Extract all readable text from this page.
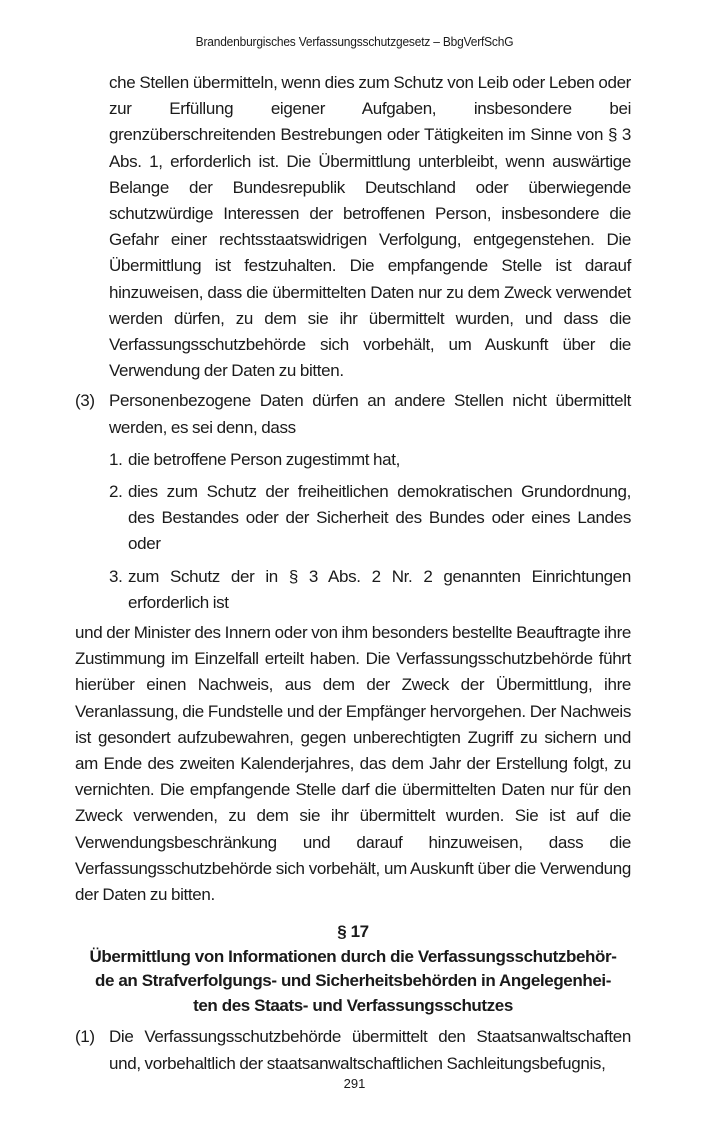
Brandenburgisches Verfassungsschutzgesetz – BbgVerfSchG
che Stellen übermitteln, wenn dies zum Schutz von Leib oder Leben oder zur Erfüllung eigener Aufgaben, insbesondere bei grenzüberschreitenden Bestrebungen oder Tätigkeiten im Sinne von § 3 Abs. 1, erforderlich ist. Die Übermittlung unterbleibt, wenn auswärtige Belange der Bundesrepublik Deutschland oder überwiegende schutzwürdige Interessen der betroffenen Person, insbesondere die Gefahr einer rechtsstaatswidrigen Verfolgung, entgegenstehen. Die Übermittlung ist festzuhalten. Die empfangende Stelle ist darauf hinzuweisen, dass die übermittelten Daten nur zu dem Zweck verwendet werden dürfen, zu dem sie ihr übermittelt wurden, und dass die Verfassungsschutzbehörde sich vorbehält, um Auskunft über die Verwendung der Daten zu bitten.
(3) Personenbezogene Daten dürfen an andere Stellen nicht übermittelt werden, es sei denn, dass
1. die betroffene Person zugestimmt hat,
2. dies zum Schutz der freiheitlichen demokratischen Grundordnung, des Bestandes oder der Sicherheit des Bundes oder eines Landes oder
3. zum Schutz der in § 3 Abs. 2 Nr. 2 genannten Einrichtungen erforderlich ist
und der Minister des Innern oder von ihm besonders bestellte Beauftragte ihre Zustimmung im Einzelfall erteilt haben. Die Verfassungsschutzbehörde führt hierüber einen Nachweis, aus dem der Zweck der Übermittlung, ihre Veranlassung, die Fundstelle und der Empfänger hervorgehen. Der Nachweis ist gesondert aufzubewahren, gegen unberechtigten Zugriff zu sichern und am Ende des zweiten Kalenderjahres, das dem Jahr der Erstellung folgt, zu vernichten. Die empfangende Stelle darf die übermittelten Daten nur für den Zweck verwenden, zu dem sie ihr übermittelt wurden. Sie ist auf die Verwendungsbeschränkung und darauf hinzuweisen, dass die Verfassungsschutzbehörde sich vorbehält, um Auskunft über die Verwendung der Daten zu bitten.
§ 17
Übermittlung von Informationen durch die Verfassungsschutzbehör-
de an Strafverfolgungs- und Sicherheitsbehörden in Angelegenhei-
ten des Staats- und Verfassungsschutzes
(1) Die Verfassungsschutzbehörde übermittelt den Staatsanwaltschaften und, vorbehaltlich der staatsanwaltschaftlichen Sachleitungsbefugnis,
291
